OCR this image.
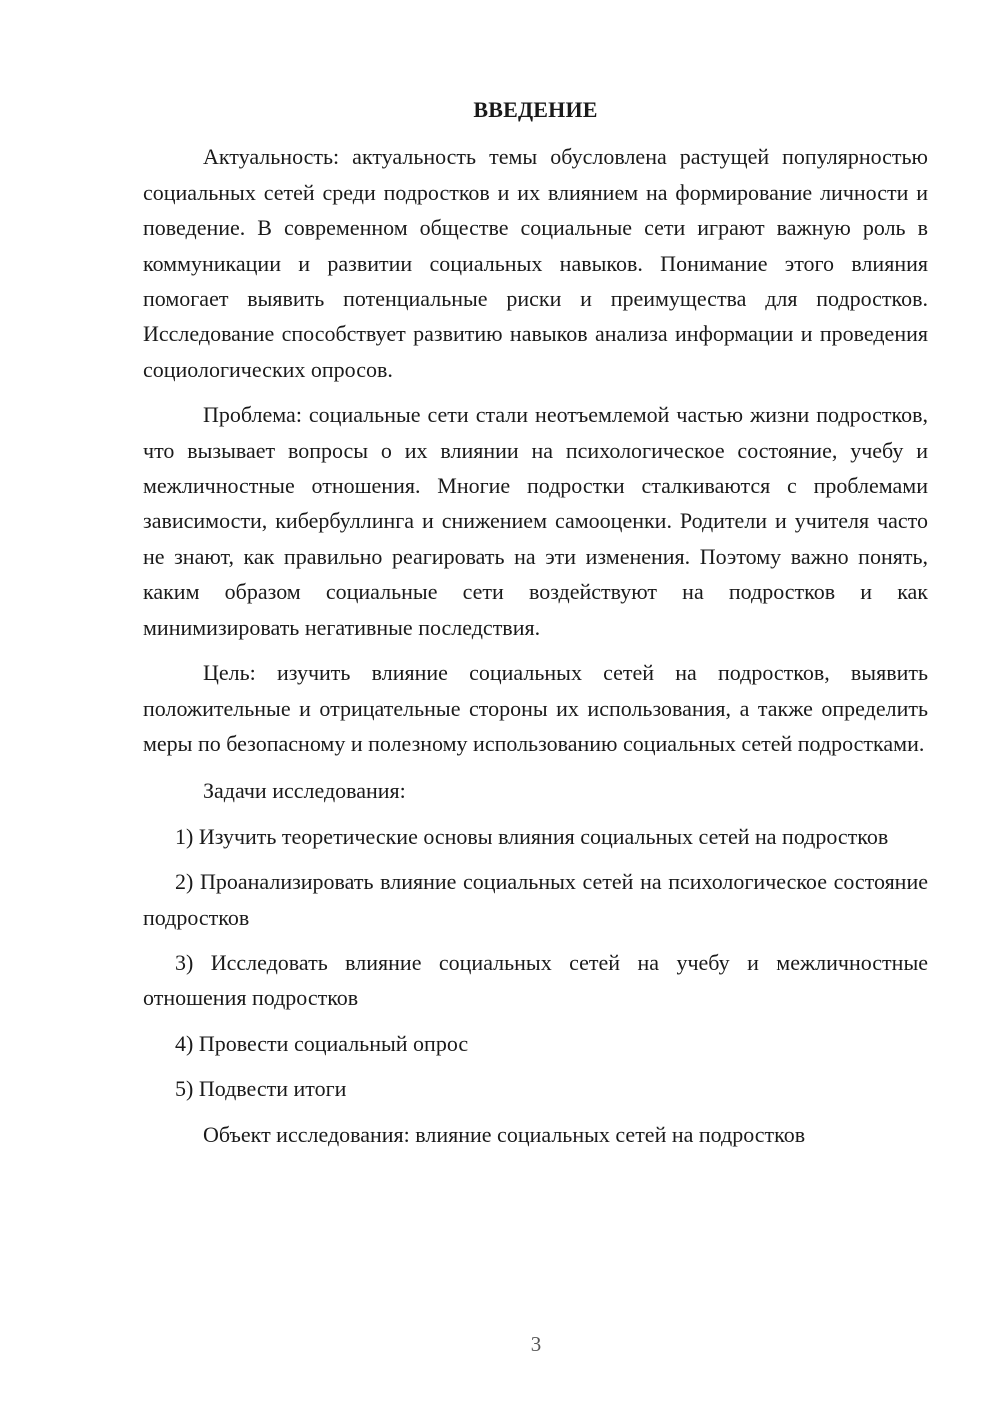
ВВЕДЕНИЕ

Актуальность: актуальность темы обусловлена растущей популярностью социальных сетей среди подростков и их влиянием на формирование личности и поведение. В современном обществе социальные сети играют важную роль в коммуникации и развитии социальных навыков. Понимание этого влияния помогает выявить потенциальные риски и преимущества для подростков. Исследование способствует развитию навыков анализа информации и проведения социологических опросов.

Проблема: социальные сети стали неотъемлемой частью жизни подростков, что вызывает вопросы о их влиянии на психологическое состояние, учебу и межличностные отношения. Многие подростки сталкиваются с проблемами зависимости, кибербуллинга и снижением самооценки. Родители и учителя часто не знают, как правильно реагировать на эти изменения. Поэтому важно понять, каким образом социальные сети воздействуют на подростков и как минимизировать негативные последствия.

Цель: изучить влияние социальных сетей на подростков, выявить положительные и отрицательные стороны их использования, а также определить меры по безопасному и полезному использованию социальных сетей подростками.

Задачи исследования:

1) Изучить теоретические основы влияния социальных сетей на подростков

2) Проанализировать влияние социальных сетей на психологическое состояние подростков

3) Исследовать влияние социальных сетей на учебу и межличностные отношения подростков

4) Провести социальный опрос

5) Подвести итоги

Объект исследования: влияние социальных сетей на подростков

3
